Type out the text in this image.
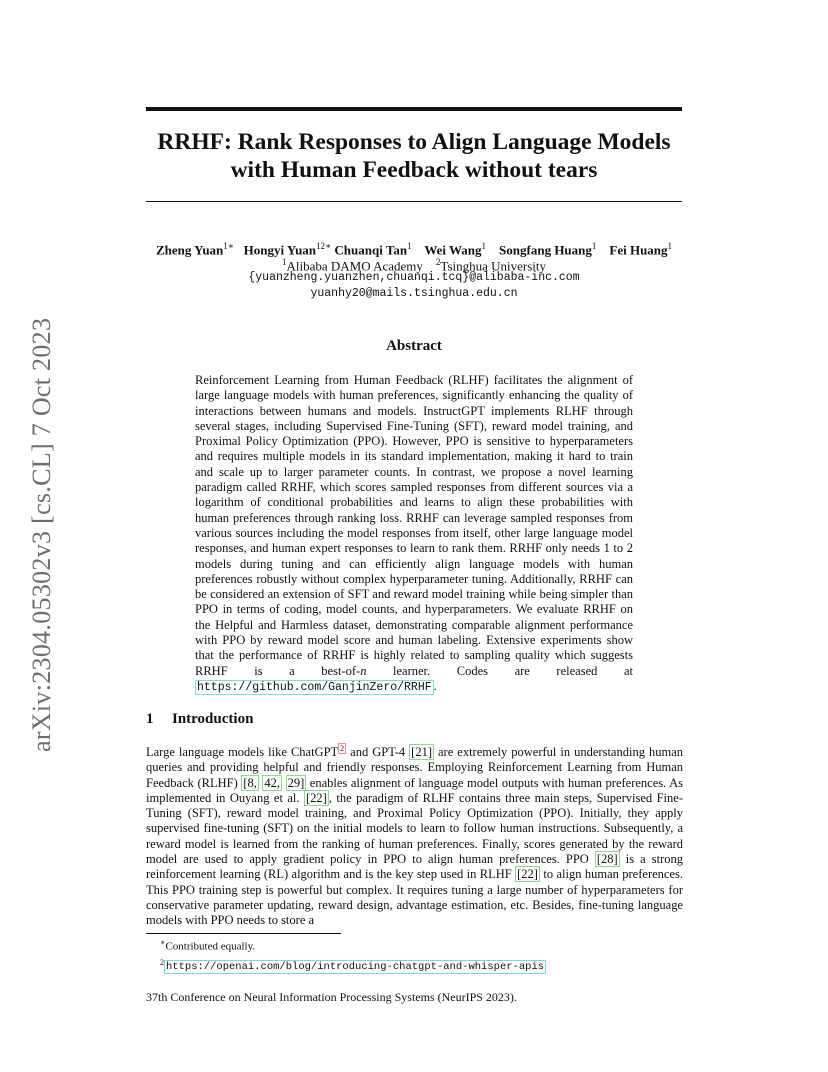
arXiv:2304.05302v3 [cs.CL] 7 Oct 2023
RRHF: Rank Responses to Align Language Models
with Human Feedback without tears
Zheng Yuan$^{1∗}$ Hongyi Yuan$^{12∗}$ Chuanqi Tan$^1$ Wei Wang$^1$ Songfang Huang$^1$ Fei Huang$^1$
$^1$Alibaba DAMO Academy $^2$Tsinghua University
{yuanzheng.yuanzhen,chuanqi.tcq}@alibaba-inc.com
yuanhy20@mails.tsinghua.edu.cn
Abstract
Reinforcement Learning from Human Feedback (RLHF) facilitates the alignment of large language models with human preferences, significantly enhancing the quality of interactions between humans and models. InstructGPT implements RLHF through several stages, including Supervised Fine-Tuning (SFT), reward model training, and Proximal Policy Optimization (PPO). However, PPO is sensitive to hyperparameters and requires multiple models in its standard implementation, making it hard to train and scale up to larger parameter counts. In contrast, we propose a novel learning paradigm called RRHF, which scores sampled responses from different sources via a logarithm of conditional probabilities and learns to align these probabilities with human preferences through ranking loss. RRHF can leverage sampled responses from various sources including the model responses from itself, other large language model responses, and human expert responses to learn to rank them. RRHF only needs 1 to 2 models during tuning and can efficiently align language models with human preferences robustly without complex hyperparameter tuning. Additionally, RRHF can be considered an extension of SFT and reward model training while being simpler than PPO in terms of coding, model counts, and hyperparameters. We evaluate RRHF on the Helpful and Harmless dataset, demonstrating comparable alignment performance with PPO by reward model score and human labeling. Extensive experiments show that the performance of RRHF is highly related to sampling quality which suggests RRHF is a best-of-n learner. Codes are released at https://github.com/GanjinZero/RRHF .
1 Introduction
Large language models like ChatGPT $^2$ and GPT-4 [21] are extremely powerful in understanding human queries and providing helpful and friendly responses. Employing Reinforcement Learning from Human Feedback (RLHF) [8, 42, 29] enables alignment of language model outputs with human preferences. As implemented in Ouyang et al. [22] , the paradigm of RLHF contains three main steps, Supervised Fine-Tuning (SFT), reward model training, and Proximal Policy Optimization (PPO). Initially, they apply supervised fine-tuning (SFT) on the initial models to learn to follow human instructions. Subsequently, a reward model is learned from the ranking of human preferences. Finally, scores generated by the reward model are used to apply gradient policy in PPO to align human preferences. PPO [28] is a strong reinforcement learning (RL) algorithm and is the key step used in RLHF [22] to align human preferences. This PPO training step is powerful but complex. It requires tuning a large number of hyperparameters for conservative parameter updating, reward design, advantage estimation, etc. Besides, fine-tuning language models with PPO needs to store a
∗Contributed equally.
$^2$ https://openai.com/blog/introducing-chatgpt-and-whisper-apis
37th Conference on Neural Information Processing Systems (NeurIPS 2023).
